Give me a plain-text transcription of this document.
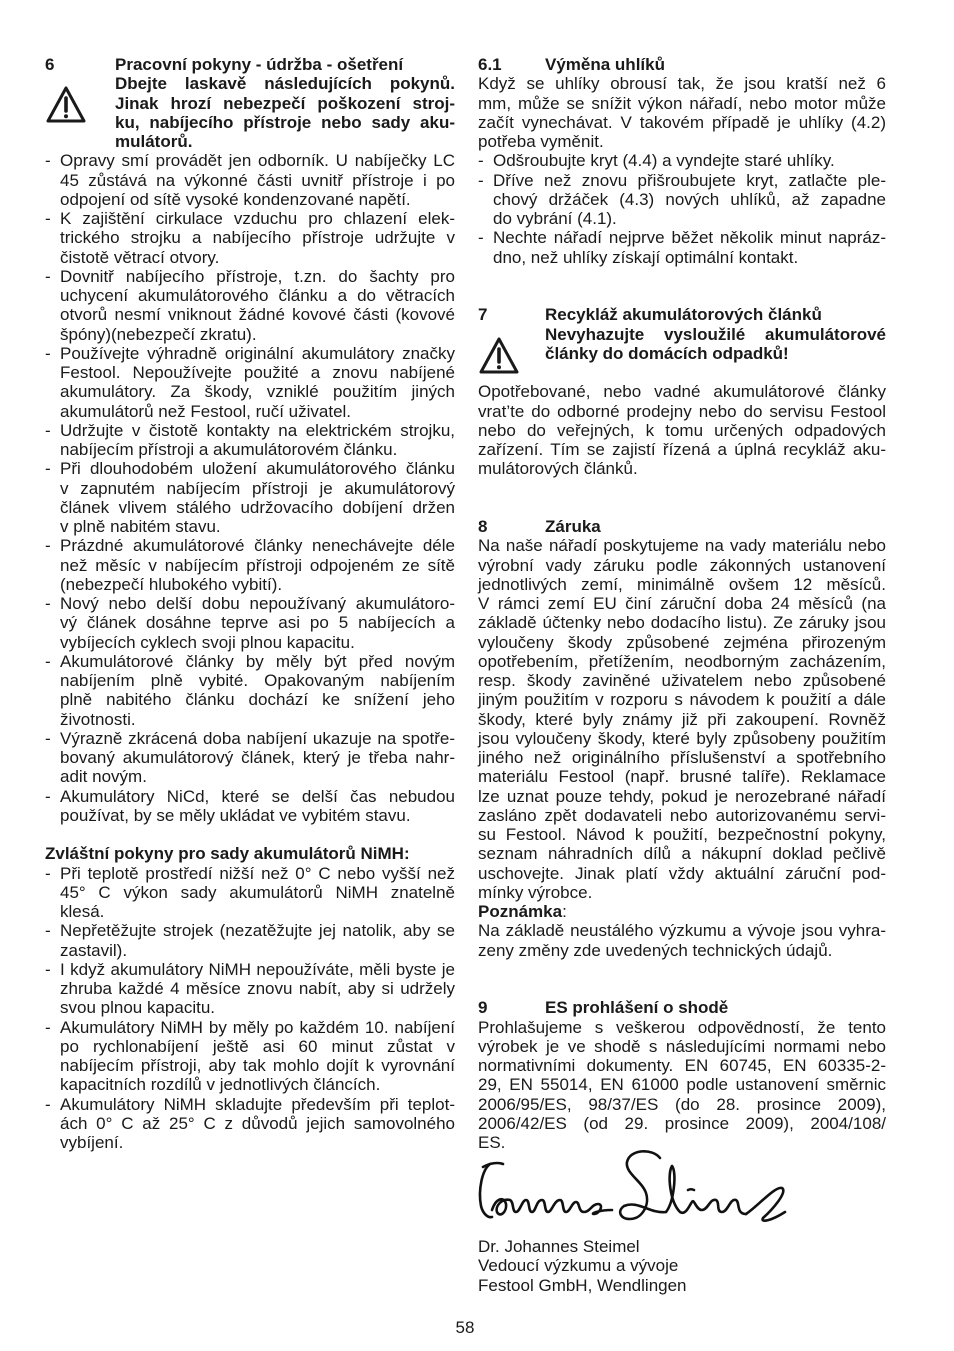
6	Pracovní pokyny - údržba - ošetření
Dbejte laskavě následujících pokynů.
Jinak hrozí nebezpečí poškození stroj-
ku, nabíjecího přístroje nebo sady aku-
mulátorů.
- Opravy smí provádět jen odborník. U nabíječky LC
45 zůstává na výkonné části uvnitř přístroje i po
odpojení od sítě vysoké kondenzované napětí.
- K zajištění cirkulace vzduchu pro chlazení elek-
trického strojku a nabíjecího přístroje udržujte v
čistotě větrací otvory.
- Dovnitř nabíjecího přístroje, t.zn. do šachty pro
uchycení akumulátorového článku a do větracích
otvorů nesmí vniknout žádné kovové části (kovové
špóny)(nebezpečí zkratu).
- Používejte výhradně originální akumulátory značky
Festool. Nepoužívejte použité a znovu nabíjené
akumulátory. Za škody, vzniklé použitím jiných
akumulátorů než Festool, ručí uživatel.
- Udržujte v čistotě kontakty na elektrickém strojku,
nabíjecím přístroji a akumulátorovém článku.
- Při dlouhodobém uložení akumulátorového článku
v zapnutém nabíjecím přístroji je akumulátorový
článek vlivem stálého udržovacího dobíjení držen
v plně nabitém stavu.
- Prázdné akumulátorové články nenechávejte déle
než měsíc v nabíjecím přístroji odpojeném ze sítě
(nebezpečí hlubokého vybití).
- Nový nebo delší dobu nepoužívaný akumulátoro-
vý článek dosáhne teprve asi po 5 nabíjecích a
vybíjecích cyklech svoji plnou kapacitu.
- Akumulátorové články by měly být před novým
nabíjením plně vybité. Opakovaným nabíjením
plně nabitého článku dochází ke snížení jeho
životnosti.
- Výrazně zkrácená doba nabíjení ukazuje na spotře-
bovaný akumulátorový článek, který je třeba nahr-
adit novým.
- Akumulátory NiCd, které se delší čas nebudou
používat, by se měly ukládat ve vybitém stavu.
Zvláštní pokyny pro sady akumulátorů NiMH:
- Při teplotě prostředí nižší než 0° C nebo vyšší než
45° C výkon sady akumulátorů NiMH znatelně
klesá.
- Nepřetěžujte strojek (nezatěžujte jej natolik, aby se
zastavil).
- I když akumulátory NiMH nepoužíváte, měli byste je
zhruba každé 4 měsíce znovu nabít, aby si udržely
svou plnou kapacitu.
- Akumulátory NiMH by měly po každém 10. nabíjení
po rychlonabíjení ještě asi 60 minut zůstat v
nabíjecím přístroji, aby tak mohlo dojít k vyrovnání
kapacitních rozdílů v jednotlivých článcích.
- Akumulátory NiMH skladujte především při teplot-
ách 0° C až 25° C z důvodů jejich samovolného
vybíjení.
6.1	Výměna uhlíků
Když se uhlíky obrousí tak, že jsou kratší než 6
mm, může se snížit výkon nářadí, nebo motor může
začít vynechávat. V takovém případě je uhlíky (4.2)
potřeba vyměnit.
- Odšroubujte kryt (4.4) a vyndejte staré uhlíky.
- Dříve než znovu přišroubujete kryt, zatlačte ple-
chový držáček (4.3) nových uhlíků, až zapadne
do vybrání (4.1).
- Nechte nářadí nejprve běžet několik minut napráz-
dno, než uhlíky získají optimální kontakt.
7	Recykláž akumulátorových článků
Nevyhazujte vysloužilé akumulátorové
články do domácích odpadků!
Opotřebované, nebo vadné akumulátorové články
vrat’te do odborné prodejny nebo do servisu Festool
nebo do veřejných, k tomu určených odpadových
zařízení. Tím se zajistí řízená a úplná recykláž aku-
mulátorových článků.
8	Záruka
Na naše nářadí poskytujeme na vady materiálu nebo
výrobní vady záruku podle zákonných ustanovení
jednotlivých zemí, minimálně ovšem 12 měsíců.
V rámci zemí EU činí záruční doba 24 měsíců (na
základě účtenky nebo dodacího listu). Ze záruky jsou
vyloučeny škody způsobené zejména přirozeným
opotřebením, přetížením, neodborným zacházením,
resp. škody zaviněné uživatelem nebo způsobené
jiným použitím v rozporu s návodem k použití a dále
škody, které byly známy již při zakoupení. Rovněž
jsou vyloučeny škody, které byly způsobeny použitím
jiného než originálního příslušenství a spotřebního
materiálu Festool (např. brusné talíře). Reklamace
lze uznat pouze tehdy, pokud je nerozebrané nářadí
zasláno zpět dodavateli nebo autorizovanému servi-
su Festool. Návod k použití, bezpečnostní pokyny,
seznam náhradních dílů a nákupní doklad pečlivě
uschovejte. Jinak platí vždy aktuální záruční pod-
mínky výrobce.
Poznámka:
Na základě neustálého výzkumu a vývoje jsou vyhra-
zeny změny zde uvedených technických údajů.
9	ES prohlášení o shodě
Prohlašujeme s veškerou odpovědností, že tento
výrobek je ve shodě s následujícími normami nebo
normativními dokumenty. EN 60745, EN 60335-2-
29, EN 55014, EN 61000 podle ustanovení směrnic
2006/95/ES, 98/37/ES (do 28. prosince 2009),
2006/42/ES (od 29. prosince 2009), 2004/108/
ES.
Dr. Johannes Steimel
Vedoucí výzkumu a vývoje
Festool GmbH, Wendlingen
58
